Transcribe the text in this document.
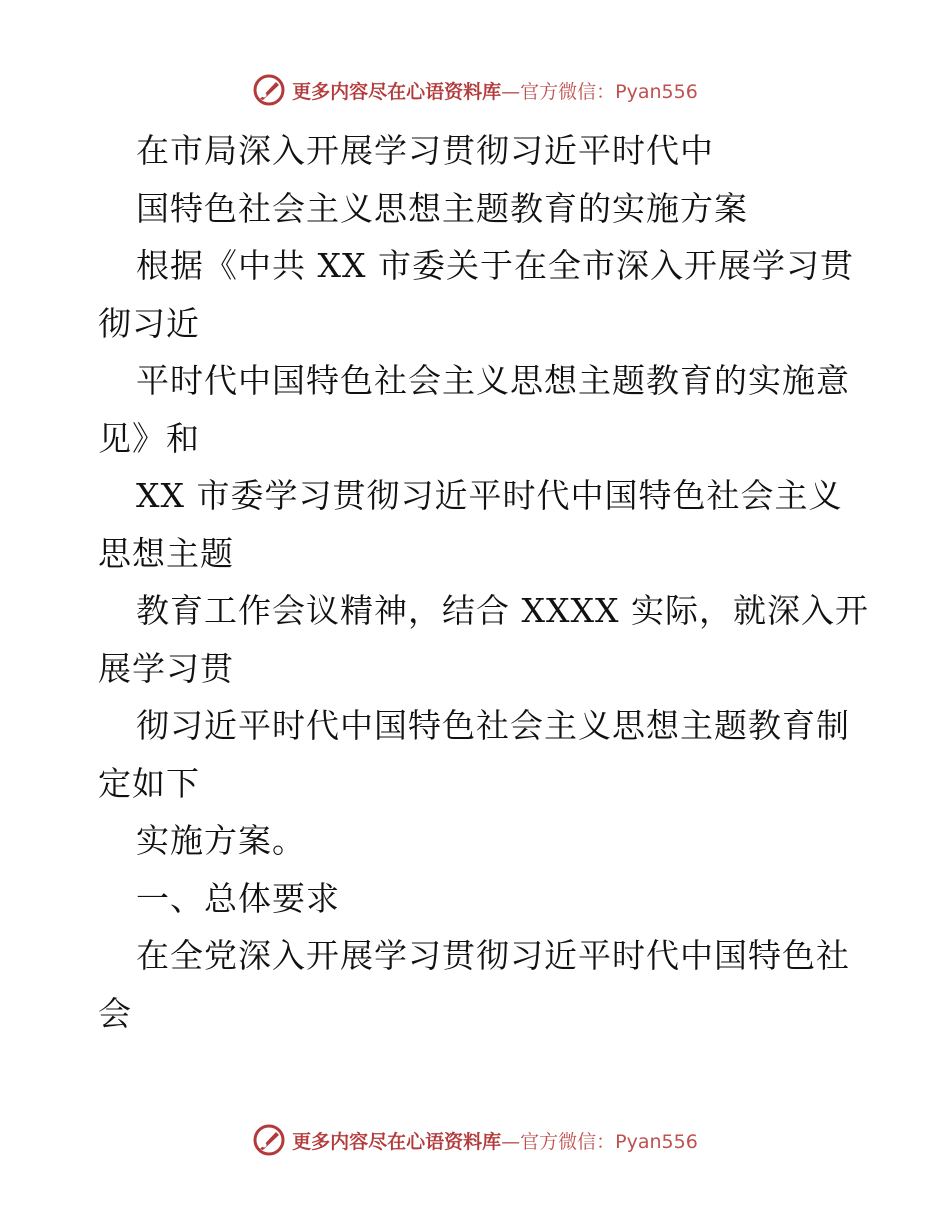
更多内容尽在心语资料库—官方微信：Pyan556
在市局深入开展学习贯彻习近平时代中
国特色社会主义思想主题教育的实施方案
根据《中共 XX 市委关于在全市深入开展学习贯
彻习近
平时代中国特色社会主义思想主题教育的实施意
见》和
XX 市委学习贯彻习近平时代中国特色社会主义
思想主题
教育工作会议精神，结合 XXXX 实际，就深入开
展学习贯
彻习近平时代中国特色社会主义思想主题教育制
定如下
实施方案。
一、总体要求
在全党深入开展学习贯彻习近平时代中国特色社
会
更多内容尽在心语资料库—官方微信：Pyan556
